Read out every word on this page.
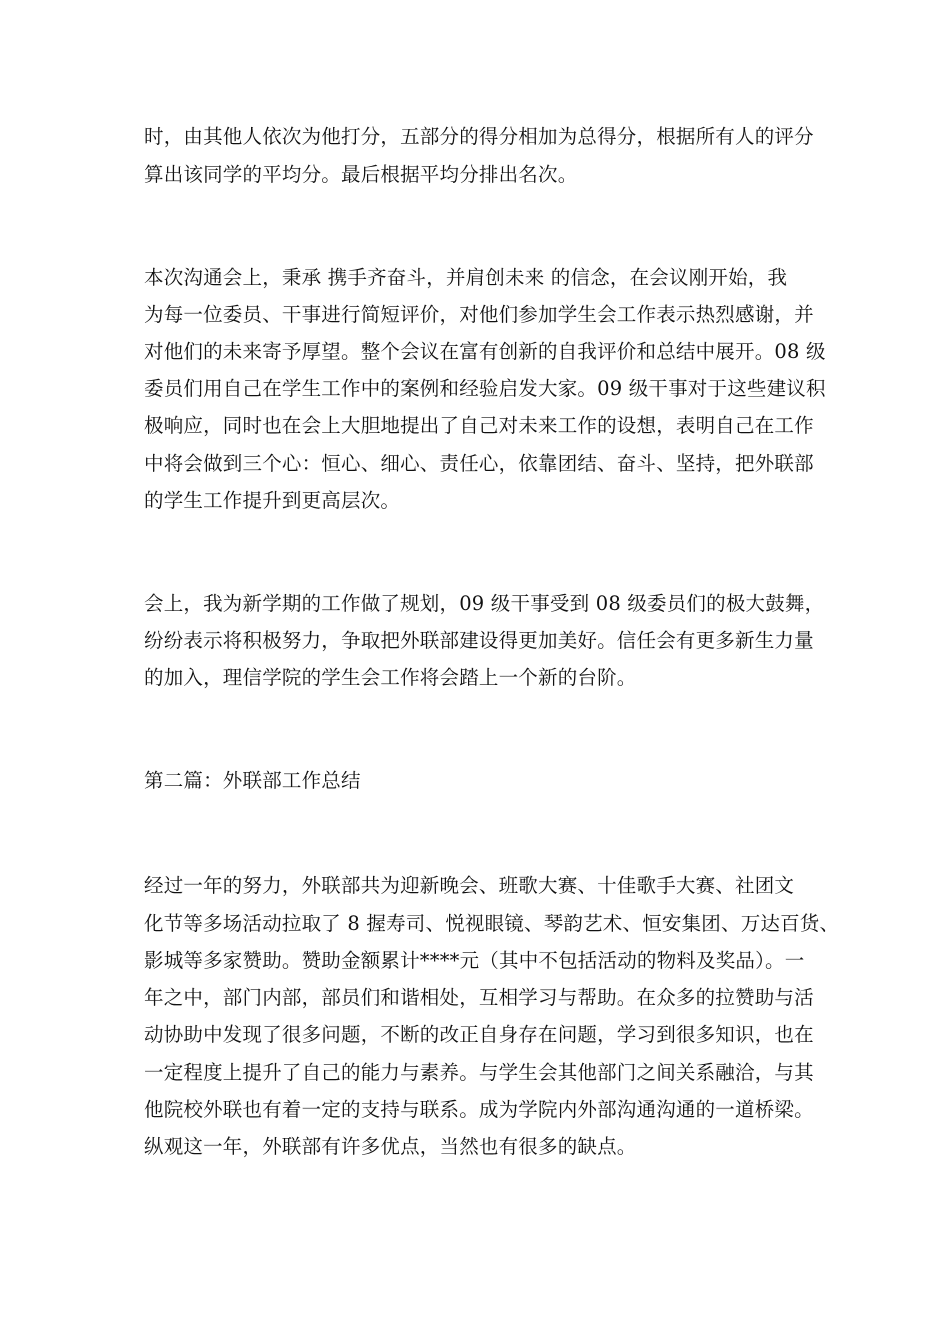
时，由其他人依次为他打分，五部分的得分相加为总得分，根据所有人的评分
算出该同学的平均分。最后根据平均分排出名次。
本次沟通会上，秉承 携手齐奋斗，并肩创未来 的信念，在会议刚开始，我
为每一位委员、干事进行简短评价，对他们参加学生会工作表示热烈感谢，并
对他们的未来寄予厚望。整个会议在富有创新的自我评价和总结中展开。08 级
委员们用自己在学生工作中的案例和经验启发大家。09 级干事对于这些建议积
极响应，同时也在会上大胆地提出了自己对未来工作的设想，表明自己在工作
中将会做到三个心：恒心、细心、责任心，依靠团结、奋斗、坚持，把外联部
的学生工作提升到更高层次。
会上，我为新学期的工作做了规划，09 级干事受到 08 级委员们的极大鼓舞，
纷纷表示将积极努力，争取把外联部建设得更加美好。信任会有更多新生力量
的加入，理信学院的学生会工作将会踏上一个新的台阶。
第二篇：外联部工作总结
经过一年的努力，外联部共为迎新晚会、班歌大赛、十佳歌手大赛、社团文
化节等多场活动拉取了 8 握寿司、悦视眼镜、琴韵艺术、恒安集团、万达百货、
影城等多家赞助。赞助金额累计****元（其中不包括活动的物料及奖品）。一
年之中，部门内部，部员们和谐相处，互相学习与帮助。在众多的拉赞助与活
动协助中发现了很多问题，不断的改正自身存在问题，学习到很多知识，也在
一定程度上提升了自己的能力与素养。与学生会其他部门之间关系融洽，与其
他院校外联也有着一定的支持与联系。成为学院内外部沟通沟通的一道桥梁。
纵观这一年，外联部有许多优点，当然也有很多的缺点。
